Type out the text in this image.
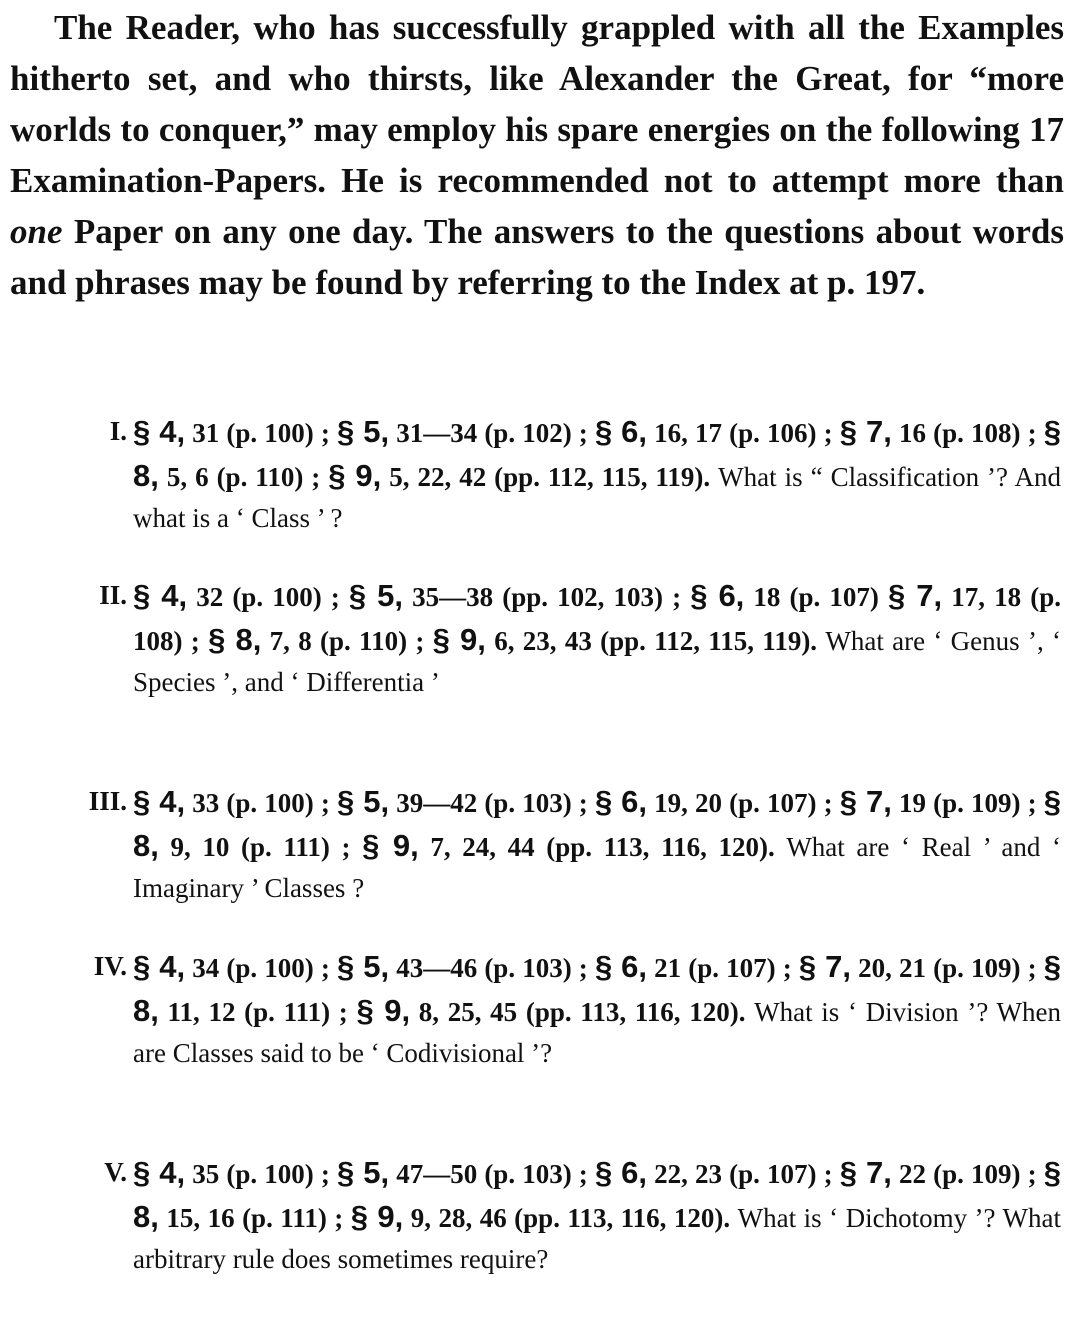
The Reader, who has successfully grappled with all the Examples hitherto set, and who thirsts, like Alexander the Great, for “more worlds to conquer,” may employ his spare energies on the following 17 Examination-Papers. He is recommended not to attempt more than one Paper on any one day. The answers to the questions about words and phrases may be found by referring to the Index at p. 197.

I. § 4, 31 (p. 100) ; § 5, 31—34 (p. 102) ; § 6, 16, 17 (p. 106) ; § 7, 16 (p. 108) ; § 8, 5, 6 (p. 110) ; § 9, 5, 22, 42 (pp. 112, 115, 119). What is “ Classification ’? And what is a ‘ Class ’ ?
II. § 4, 32 (p. 100) ; § 5, 35—38 (pp. 102, 103) ; § 6, 18 (p. 107) § 7, 17, 18 (p. 108) ; § 8, 7, 8 (p. 110) ; § 9, 6, 23, 43 (pp. 112, 115, 119). What are ‘ Genus ’, ‘ Species ’, and ‘ Differentia ’
III. § 4, 33 (p. 100) ; § 5, 39—42 (p. 103) ; § 6, 19, 20 (p. 107) ; § 7, 19 (p. 109) ; § 8, 9, 10 (p. 111) ; § 9, 7, 24, 44 (pp. 113, 116, 120). What are ‘ Real ’ and ‘ Imaginary ’ Classes ?
IV. § 4, 34 (p. 100) ; § 5, 43—46 (p. 103) ; § 6, 21 (p. 107) ; § 7, 20, 21 (p. 109) ; § 8, 11, 12 (p. 111) ; § 9, 8, 25, 45 (pp. 113, 116, 120). What is ‘ Division ’? When are Classes said to be ‘ Codivisional ’?
V. § 4, 35 (p. 100) ; § 5, 47—50 (p. 103) ; § 6, 22, 23 (p. 107) ; § 7, 22 (p. 109) ; § 8, 15, 16 (p. 111) ; § 9, 9, 28, 46 (pp. 113, 116, 120). What is ‘ Dichotomy ’? What arbitrary rule does sometimes require?
